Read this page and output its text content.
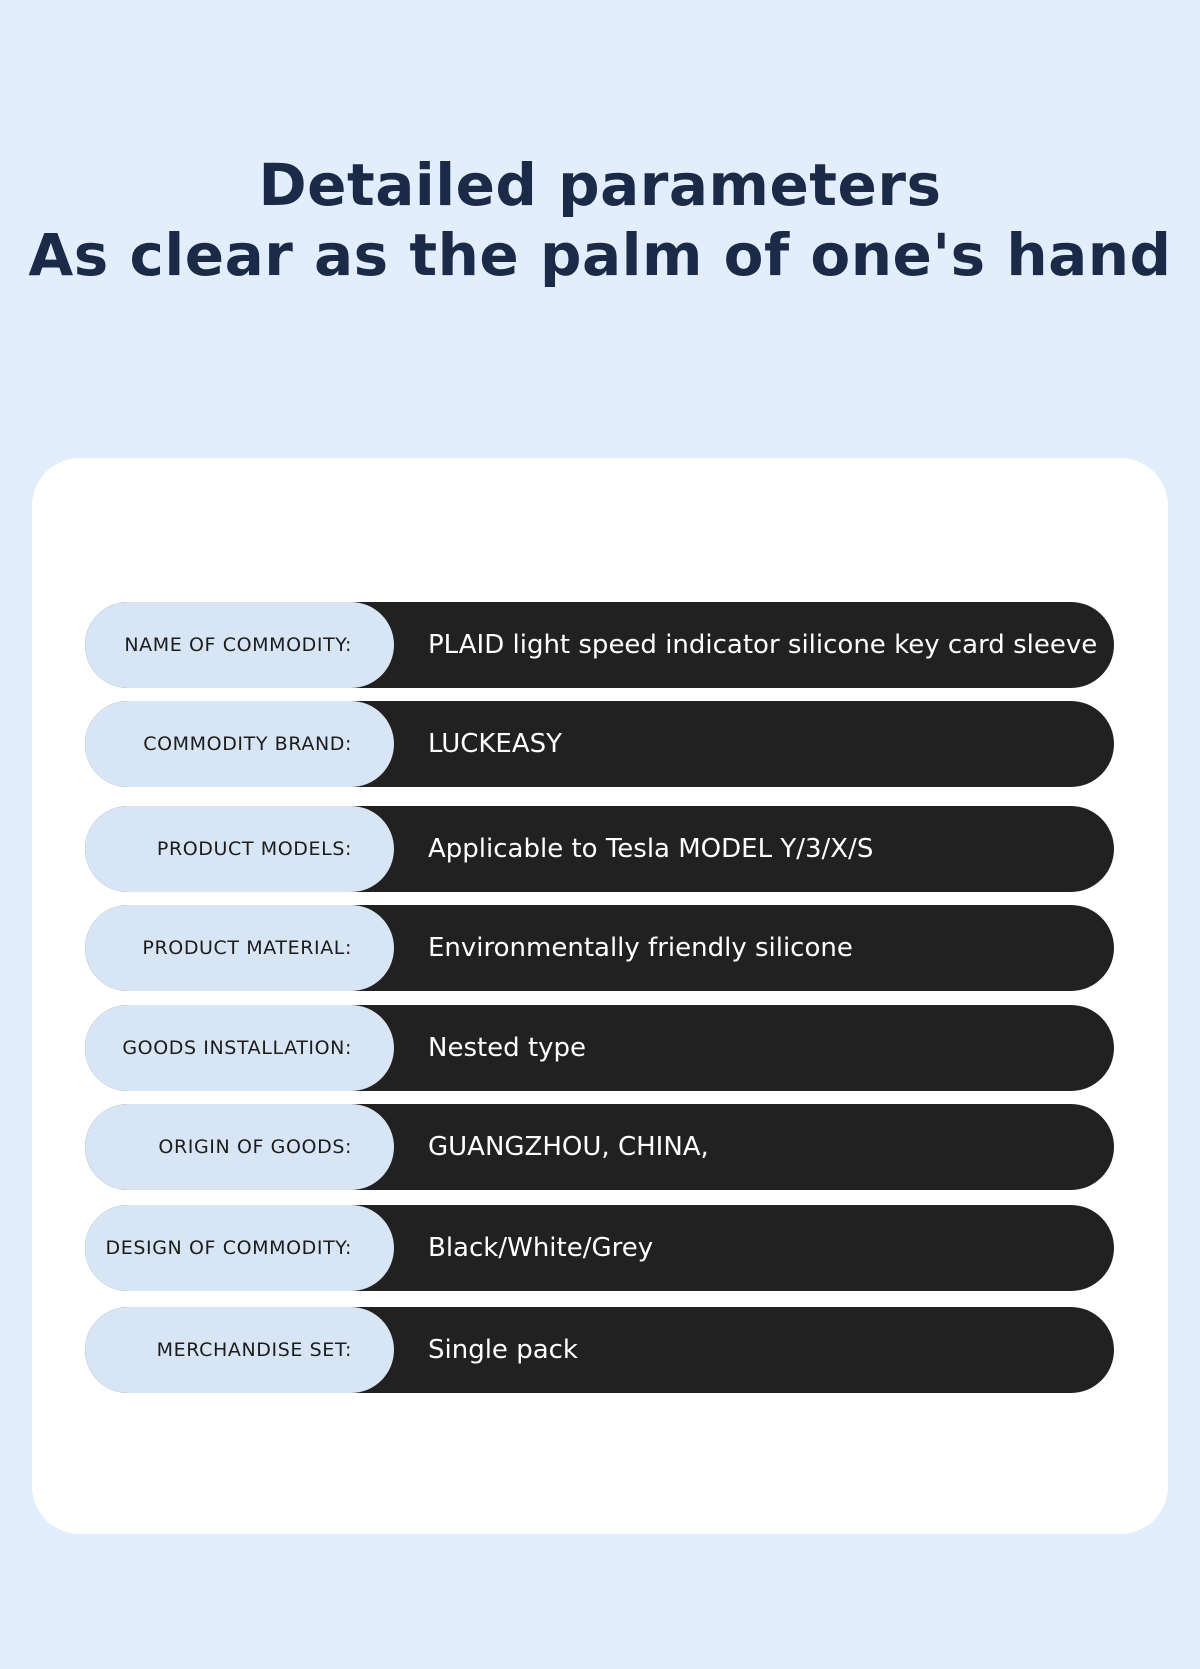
Detailed parameters
As clear as the palm of one's hand
NAME OF COMMODITY:	PLAID light speed indicator silicone key card sleeve
COMMODITY BRAND:	LUCKEASY
PRODUCT MODELS:	Applicable to Tesla MODEL Y/3/X/S
PRODUCT MATERIAL:	Environmentally friendly silicone
GOODS INSTALLATION:	Nested type
ORIGIN OF GOODS:	GUANGZHOU, CHINA,
DESIGN OF COMMODITY:	Black/White/Grey
MERCHANDISE SET:	Single pack
